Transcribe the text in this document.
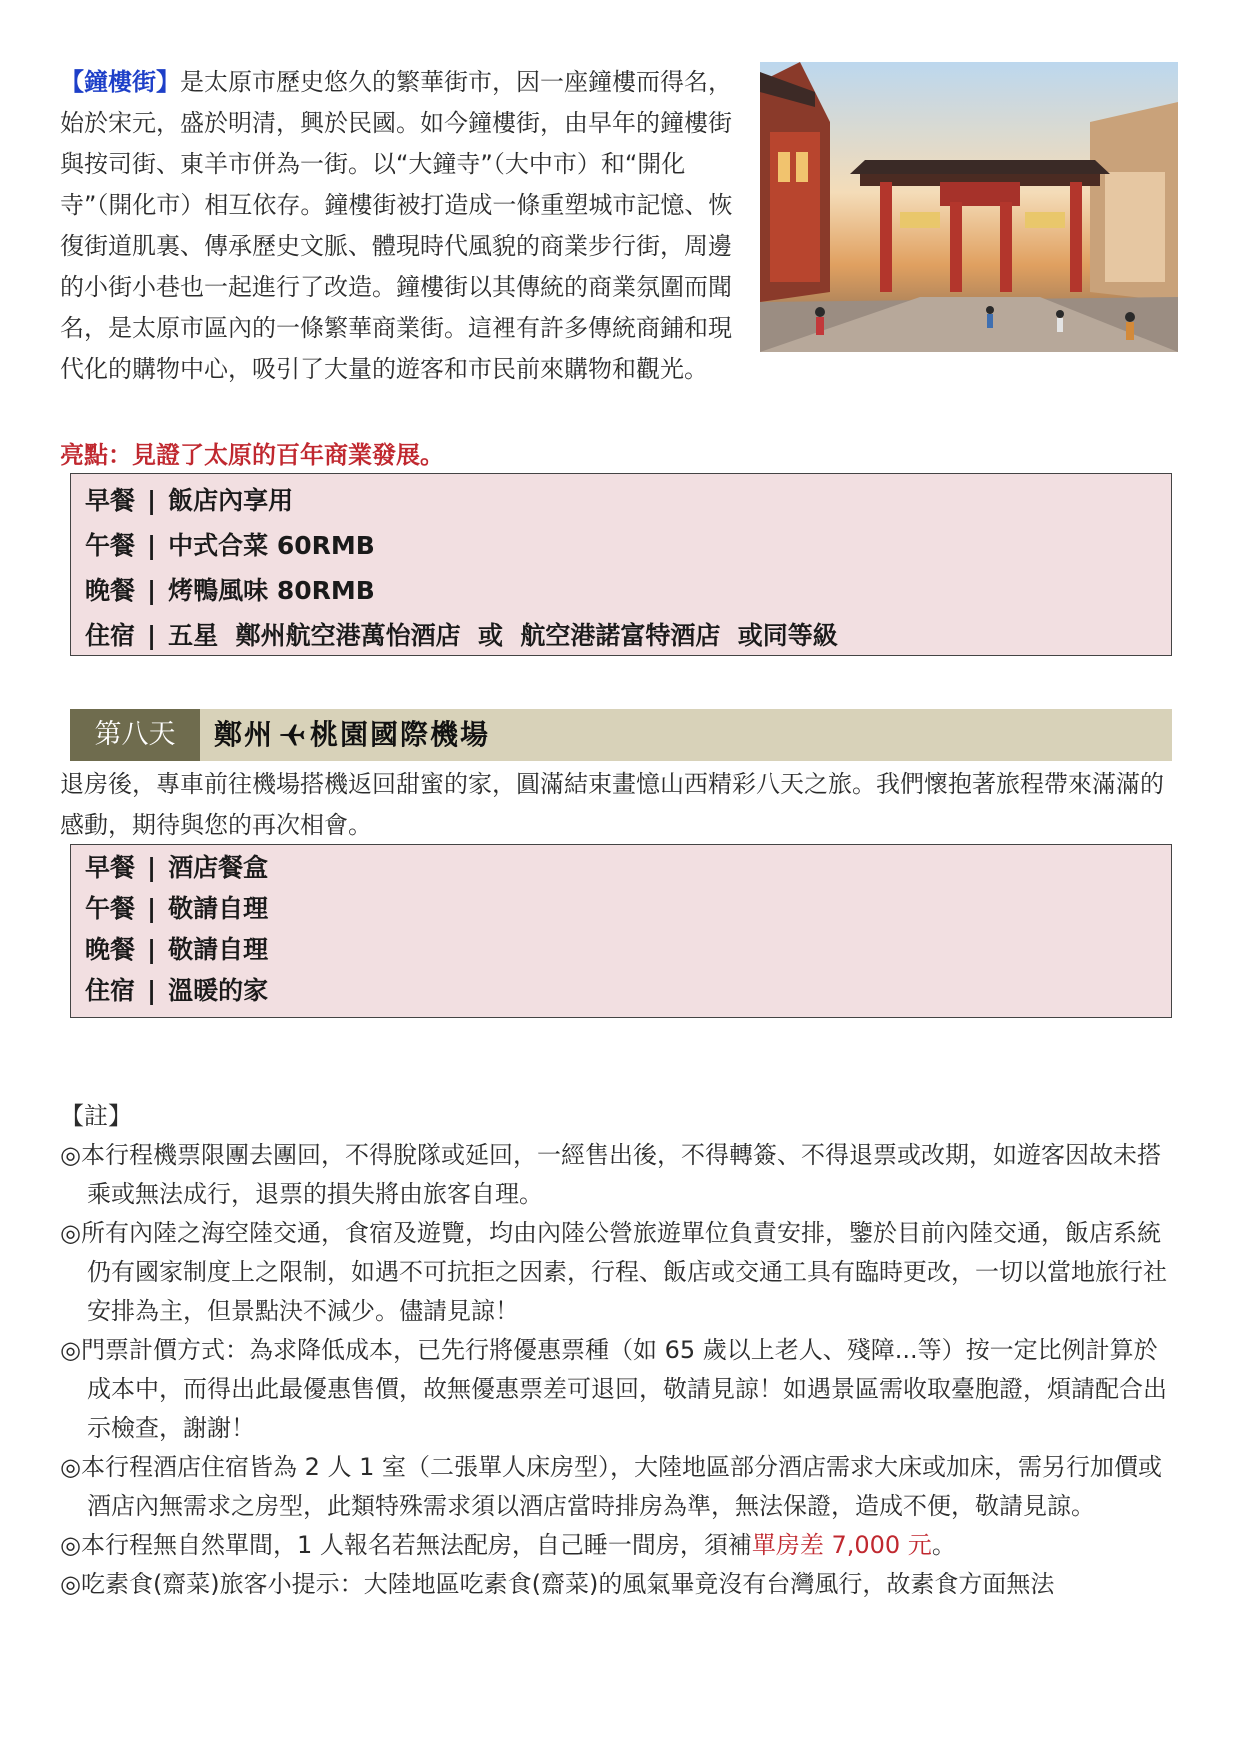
【鐘樓街】是太原市歷史悠久的繁華街市，因一座鐘樓而得名，始於宋元，盛於明清，興於民國。如今鐘樓街，由早年的鐘樓街與按司街、東羊市併為一街。以“大鐘寺”（大中市）和“開化寺”（開化市）相互依存。鐘樓街被打造成一條重塑城市記憶、恢復街道肌裏、傳承歷史文脈、體現時代風貌的商業步行街，周邊的小街小巷也一起進行了改造。鐘樓街以其傳統的商業氛圍而聞名，是太原市區內的一條繁華商業街。這裡有許多傳統商鋪和現代化的購物中心，吸引了大量的遊客和市民前來購物和觀光。
亮點：見證了太原的百年商業發展。
早餐 | 飯店內享用
午餐 | 中式合菜 60RMB
晚餐 | 烤鴨風味 80RMB
住宿 | 五星  鄭州航空港萬怡酒店  或  航空港諾富特酒店  或同等級
第八天	鄭州 桃園國際機場
退房後，專車前往機場搭機返回甜蜜的家，圓滿結束畫憶山西精彩八天之旅。我們懷抱著旅程帶來滿滿的感動，期待與您的再次相會。
早餐 | 酒店餐盒
午餐 | 敬請自理
晚餐 | 敬請自理
住宿 | 溫暖的家
【註】
◎本行程機票限團去團回，不得脫隊或延回，一經售出後，不得轉簽、不得退票或改期，如遊客因故未搭乘或無法成行，退票的損失將由旅客自理。
◎所有內陸之海空陸交通，食宿及遊覽，均由內陸公營旅遊單位負責安排，鑒於目前內陸交通，飯店系統仍有國家制度上之限制，如遇不可抗拒之因素，行程、飯店或交通工具有臨時更改，一切以當地旅行社安排為主，但景點決不減少。儘請見諒！
◎門票計價方式：為求降低成本，已先行將優惠票種（如 65 歲以上老人、殘障...等）按一定比例計算於成本中，而得出此最優惠售價，故無優惠票差可退回，敬請見諒！如遇景區需收取臺胞證，煩請配合出示檢查，謝謝！
◎本行程酒店住宿皆為 2 人 1 室（二張單人床房型），大陸地區部分酒店需求大床或加床，需另行加價或酒店內無需求之房型，此類特殊需求須以酒店當時排房為準，無法保證，造成不便，敬請見諒。
◎本行程無自然單間，1 人報名若無法配房，自己睡一間房，須補單房差 7,000 元。
◎吃素食(齋菜)旅客小提示：大陸地區吃素食(齋菜)的風氣畢竟沒有台灣風行，故素食方面無法
